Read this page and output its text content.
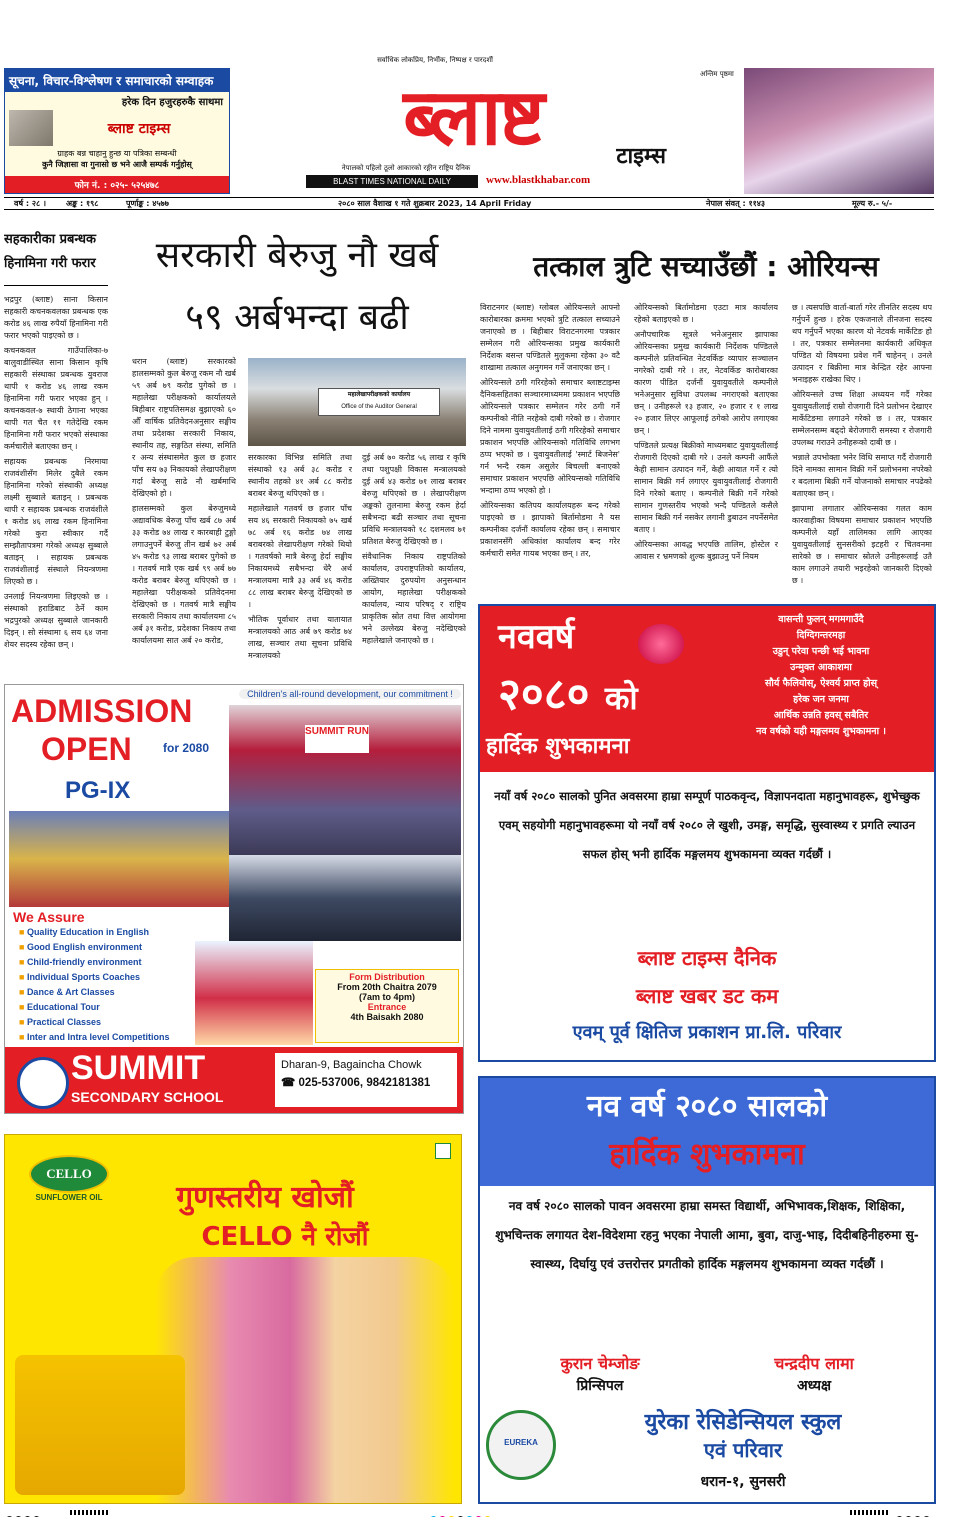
सर्वाधिक लोकप्रिय, निर्भीक, निष्पक्ष र पारदर्शी
सूचना, विचार-विश्लेषण र समाचारको सम्वाहक
हरेक दिन हजुरहरुकै साथमा
ब्लाष्ट टाइम्स
ग्राहक बन्न चाहानु हुन्छ या पत्रिका सम्बन्धी
कुनै जिज्ञासा वा गुनासो छ भने आजै सम्पर्क गर्नुहोस्
फोन नं. : ०२५- ५२५४७८
ब्लाष्ट	टाइम्स
नेपालको पहिलो ठूलो आकारको रङ्गीन राष्ट्रिय दैनिक
BLAST TIMES NATIONAL DAILY	www.blastkhabar.com
अन्तिम पृष्ठमा
वर्ष : २८ ।	अङ्क : १९८	पूर्णाङ्क : ४५७७	२०८० साल वैशाख १ गते शुक्रबार 2023, 14 April Friday	नेपाल संवत् : ११४३	मूल्य रु.- ५/-
सहकारीका प्रबन्धक हिनामिना गरी फरार

भद्रपुर (ब्लाष्ट) साना किसान सहकारी कचनकवलका प्रबन्धक एक करोड ४६ लाख रुपैयाँ हिनामिना गरी फरार भएको पाइएको छ ।

कचनकवल गाउँपालिका-७ बालुवाडीस्थित साना किसान कृषि सहकारी संस्थाका प्रबन्धक युवराज थापी १ करोड ४६ लाख रकम हिनामिना गरी फरार भएका हुन् । कचनकवल-७ स्थायी ठेगाना भएका थापी गत चैत ११ गतेदेखि रकम हिनामिना गरी फरार भएको संस्थाका कर्मचारीले बताएका छन् ।

सहायक प्रबन्धक निरमाया राजवंशीसँग मिलेर दुबैले रकम हिनामिना गरेको संस्थाकी अध्यक्ष लक्ष्मी सुब्बाले बताइन् । प्रबन्धक थापी र सहायक प्रबन्धक राजवंशीले १ करोड ४६ लाख रकम हिनामिना गरेको कुरा स्वीकार गर्दै सम्झौतापत्रमा गरेको अध्यक्ष सुब्बाले बताइन् । सहायक प्रबन्धक राजवंशीलाई संस्थाले नियन्त्रणमा लिएको छ ।

उनलाई नियन्त्रणमा लिइएको छ । संस्थाको हराडिबाट ठेर्ने काम भद्रपुरको अध्यक्ष सुब्बाले जानकारी दिइन् । सो संस्थामा ६ सय ६४ जना शेयर सदस्य रहेका छन् ।

सरकारी बेरुजु नौ खर्ब
५९ अर्बभन्दा बढी

धरान (ब्लाष्ट) सरकारको हालसम्मको कुल बेरुजु रकम नौ खर्ब ५९ अर्ब ७९ करोड पुगेको छ । महालेखा परीक्षकको कार्यालयले बिहीबार राष्ट्रपतिसमक्ष बुझाएको ६० औँ वार्षिक प्रतिवेदनअनुसार सङ्घीय तथा प्रदेशका सरकारी निकाय, स्थानीय तह, सङ्गठित संस्था, समिति र अन्य संस्थासमेत कुल छ हजार पाँच सय ७३ निकायको लेखापरीक्षण गर्दा बेरुजु साढे नौ खर्बमाथि देखिएको हो ।

हालसम्मको कुल बेरुजुमध्ये अद्यावधिक बेरुजु पाँच खर्ब ८७ अर्ब ३३ करोड ७४ लाख र कारबाही टुङ्गो लगाउनुपर्ने बेरुजु तीन खर्ब ७२ अर्ब ४५ करोड ९३ लाख बराबर पुगेको छ । गतवर्ष मात्रै एक खर्ब ९९ अर्ब ७७ करोड बराबर बेरुजु थपिएको छ । महालेखा परीक्षकको प्रतिवेदनमा देखिएको छ । गतवर्ष मात्रै सङ्घीय सरकारी निकाय तथा कार्यालयमा ८५ अर्ब ३१ करोड, प्रदेशका निकाय तथा कार्यालयमा सात अर्ब २० करोड,

महालेखापरीक्षकको कार्यालय
Office of the Auditor General

सरकारका विभिन्न समिति तथा संस्थाको १३ अर्ब ३८ करोड र स्थानीय तहको ४१ अर्ब ८८ करोड बराबर बेरुजु थपिएको छ ।

महालेखाले गतवर्ष छ हजार पाँच सय ४६ सरकारी निकायको ७५ खर्ब ७८ अर्ब १६ करोड ७४ लाख बराबरको लेखापरीक्षण गरेको थियो । गतवर्षको मात्रै बेरुजु हेर्दा सङ्घीय निकायमध्ये सबैभन्दा धेरै अर्थ मन्त्रालयमा मात्रै ३३ अर्ब ४६ करोड ८८ लाख बराबर बेरुजु देखिएको छ ।

भौतिक पूर्वाधार तथा यातायात मन्त्रालयको आठ अर्ब ७९ करोड ७४ लाख, सञ्चार तथा सूचना प्रविधि मन्त्रालयको

दुई अर्ब ७० करोड ५६ लाख र कृषि तथा पशुपक्षी विकास मन्त्रालयको दुई अर्ब ४३ करोड ७१ लाख बराबर बेरुजु थपिएको छ । लेखापरीक्षण अङ्कको तुलनामा बेरुजु रकम हेर्दा सबैभन्दा बढी सञ्चार तथा सूचना प्रविधि मन्त्रालयको १८ दशमलव ७१ प्रतिशत बेरुजु देखिएको छ ।

संवैधानिक निकाय राष्ट्रपतिको कार्यालय, उपराष्ट्रपतिको कार्यालय, अख्तियार दुरुपयोग अनुसन्धान आयोग, महालेखा परीक्षकको कार्यालय, न्याय परिषद् र राष्ट्रिय प्राकृतिक स्रोत तथा वित्त आयोगमा भने उल्लेख्य बेरुजु नदेखिएको महालेखाले जनाएको छ ।

तत्काल त्रुटि सच्याउँछौं : ओरियन्स

विराटनगर (ब्लाष्ट) ग्लोबल ओरियन्सले आफ्नो कारोबारका क्रममा भएको त्रुटि तत्काल सच्याउने जनाएको छ । बिहीबार विराटनगरमा पत्रकार सम्मेलन गरी ओरियन्सका प्रमुख कार्यकारी निर्देशक बसन्त पण्डितले मुलुकमा रहेका ३० वटै शाखामा तत्काल अनुगमन गर्ने जनाएका छन् ।

ओरियन्सले ठगी गरिरहेको समाचार ब्लाष्टटाइम्स दैनिकसहितका सञ्चारमाध्यममा प्रकाशन भएपछि ओरियन्सले पत्रकार सम्मेलन गरेर ठगी गर्ने कम्पनीको नीति नरहेको दाबी गरेको छ । रोजगार दिने नाममा युवायुवतीलाई ठगी गरिरहेको समाचार प्रकाशन भएपछि ओरियन्सको गतिविधि लगभग ठप्प भएको छ । युवायुवतीलाई 'स्मार्ट बिजनेस' गर्न भन्दै रकम असुलेर बिचल्ली बनाएको समाचार प्रकाशन भएपछि ओरियन्सको गतिविधि भन्दामा ठप्प भएको हो ।

ओरियन्सका कतिपय कार्यालयहरू बन्द गरेको पाइएको छ । झापाको बिर्तामोडमा नै यस कम्पनीका दर्जनौं कार्यालय रहेका छन् । समाचार प्रकाशनसँगै अधिकांश कार्यालय बन्द गरेर कर्मचारी समेत गायब भएका छन् । तर,

ओरियन्सको बिर्तामोडमा एउटा मात्र कार्यालय रहेको बताइएको छ ।

अनौपचारिक सूत्रले भनेअनुसार झापाका ओरियन्सका प्रमुख कार्यकारी निर्देशक पण्डितले कम्पनीले प्रतिवन्धित नेटवर्किङ व्यापार सञ्चालन नगरेको दाबी गरे । तर, नेटवर्किङ कारोबारका कारण पीडित दर्जनौं युवायुवतीले कम्पनीले भनेअनुसार सुविधा उपलब्ध नगराएको बताएका छन् । उनीहरूले १३ हजार, २० हजार र १ लाख २० हजार लिएर आफूलाई ठगेको आरोप लगाएका छन् ।

पण्डितले प्रत्यक्ष बिक्रीको माध्यमबाट युवायुवतीलाई रोजगारी दिएको दाबी गरे । उनले कम्पनी आफैंले केही सामान उत्पादन गर्ने, केही आयात गर्ने र त्यो सामान बिक्री गर्न लगाएर युवायुवतीलाई रोजगारी दिने गरेको बताए । कम्पनीले बिक्री गर्ने गरेको सामान गुणस्तरीय भएको भन्दै पण्डितले कसैले सामान बिक्री गर्न नसकेर लगानी डुबाउन नपर्नेसमेत बताए ।

ओरियन्सका आवद्ध भएपछि तालिम, होस्टेल र आवास र भ्रमणको शुल्क बुझाउनु पर्ने नियम

छ । त्यसपछि वार्ता-बार्ता गरेर तीनतिर सदस्य थप गर्नुपर्ने हुन्छ । हरेक एकजनाले तीनजना सदस्य थप गर्नुपर्ने भएका कारण यो नेटवर्क मार्केटिङ हो । तर, पत्रकार सम्मेलनमा कार्यकारी अधिकृत पण्डित यो विषयमा प्रवेश गर्नै चाहेनन् । उनले उत्पादन र बिक्रीमा मात्र केन्द्रित रहेर आफ्ना भनाइहरू राखेका थिए ।

ओरियन्सले उच्च शिक्षा अध्ययन गर्दै गरेका युवायुवतीलाई राम्रो रोजगारी दिने प्रलोभन देखाएर मार्केटिङमा लगाउने गरेको छ । तर, पत्रकार सम्मेलनसम्म बढ्दो बेरोजगारी समस्या र रोजगारी उपलब्ध गराउने उनीहरूको दाबी छ ।

भन्नाले उपभोक्ता भनेर विधि समाप्त गर्दै रोजगारी दिने नामका सामान विक्री गर्ने प्रलोभनमा नपरेको र बदलामा बिक्री गर्ने योजनाको समाचार नपढेको बताएका छन् ।

झापामा लगातार ओरियन्सका गलत काम कारवाहीका विषयमा समाचार प्रकाशन भएपछि कम्पनीले यहाँ तालिमका लागि आएका युवायुवतीलाई सुनसरीको इटहरी र चितवनमा सारेको छ । समाचार स्रोतले उनीहरूलाई उतै काम लगाउने तयारी भइरहेको जानकारी दिएको छ ।

नववर्ष
२०८० को
हार्दिक शुभकामना
वासन्ती फुलन् मगमगाउँदै
दिग्दिगन्तरमहा
उडुन् परेवा पन्छी भई भावना
उन्मुक्त आकाशमा
सौर्य फैलियोस्, ऐश्वर्य प्राप्त होस्
हरेक जन जनमा
आर्थिक उन्नति हवस् सबैतिर
नव वर्षको यही मङ्गलमय शुभकामना ।
नयाँ वर्ष २०८० सालको पुनित अवसरमा हाम्रा सम्पूर्ण पाठकवृन्द, विज्ञापनदाता महानुभावहरू, शुभेच्छुक एवम् सहयोगी महानुभावहरूमा यो नयाँ वर्ष २०८० ले खुशी, उमङ्ग, समृद्धि, सुस्वास्थ्य र प्रगति ल्याउन सफल होस् भनी हार्दिक मङ्गलमय शुभकामना व्यक्त गर्दछौं ।
ब्लाष्ट टाइम्स दैनिक
ब्लाष्ट खबर डट कम
एवम् पूर्व क्षितिज प्रकाशन प्रा.लि. परिवार
ADMISSION
OPEN	for 2080
PG-IX
Children's all-round development, our commitment !
SUMMIT RUN
We Assure
■ Quality Education in English
■ Good English environment
■ Child-friendly environment
■ Individual Sports Coaches
■ Dance & Art Classes
■ Educational Tour
■ Practical Classes
■ Inter and Intra level Competitions
Form Distribution
From 20th Chaitra 2079
(7am to 4pm)
Entrance
4th Baisakh 2080
SUMMIT
SECONDARY SCHOOL
Dharan-9, Bagaincha Chowk
☎ 025-537006, 9842181381
CELLO
SUNFLOWER OIL	गुणस्तरीय खोजौं
CELLO नै रोजौं
नव वर्ष २०८० सालको
हार्दिक शुभकामना
नव वर्ष २०८० सालको पावन अवसरमा हाम्रा समस्त विद्यार्थी, अभिभावक,शिक्षक, शिक्षिका, शुभचिन्तक लगायत देश-विदेशमा रहनु भएका नेपाली आमा, बुवा, दाजु-भाइ, दिदीबहिनीहरुमा सु-स्वास्थ्य, दिर्घायु एवं उत्तरोत्तर प्रगतीको हार्दिक मङ्गलमय शुभकामना व्यक्त गर्दछौं ।
कुरान चेम्जोङ
प्रिन्सिपल
चन्द्रदीप लामा
अध्यक्ष
EUREKA
युरेका रेसिडेन्सियल स्कुल
एवं परिवार
धरान-१, सुनसरी
